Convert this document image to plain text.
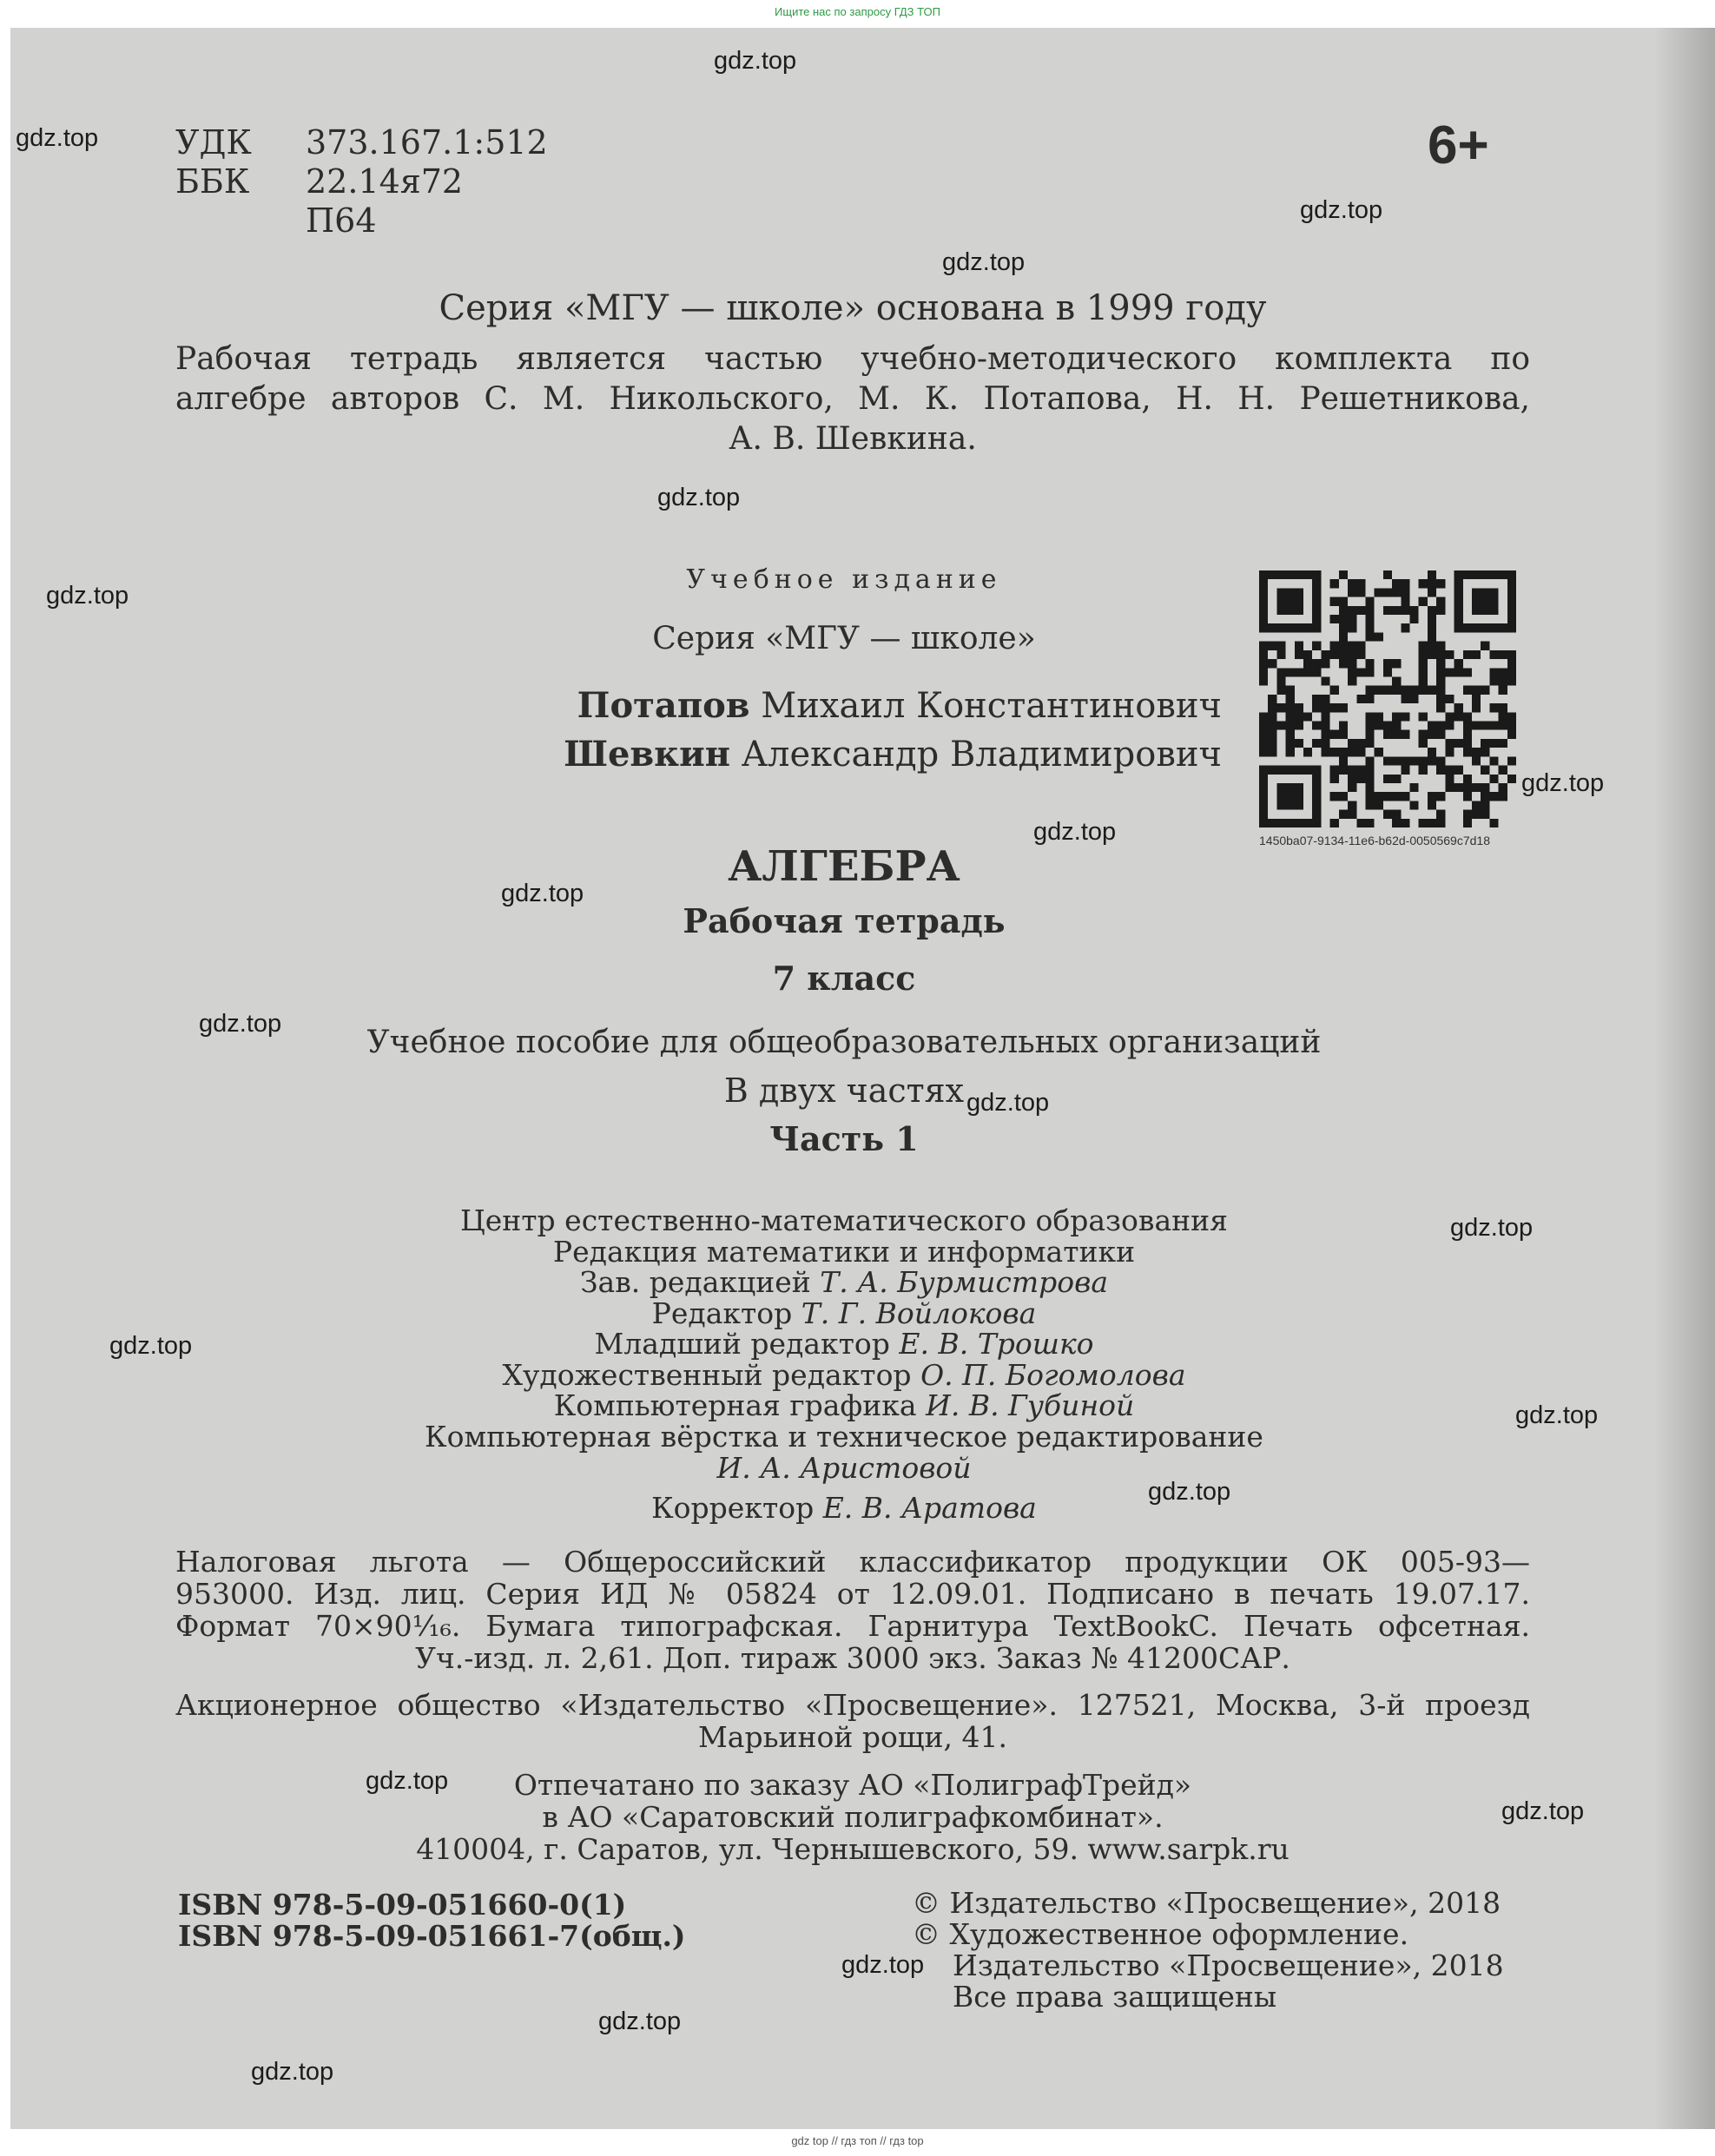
Ищите нас по запросу ГДЗ ТОП
УДК 373.167.1:512
ББК 22.14я72
П64
6+
Серия «МГУ — школе» основана в 1999 году
Рабочая тетрадь является частью учебно-методического комплекта по
алгебре авторов С. М. Никольского, М. К. Потапова, Н. Н. Решетникова,
А. В. Шевкина.
Учебное издание
Серия «МГУ — школе»
Потапов Михаил Константинович
Шевкин Александр Владимирович
1450ba07-9134-11e6-b62d-0050569c7d18
АЛГЕБРА
Рабочая тетрадь
7 класс
Учебное пособие для общеобразовательных организаций
В двух частях
Часть 1
Центр естественно-математического образования
Редакция математики и информатики
Зав. редакцией Т. А. Бурмистрова
Редактор Т. Г. Войлокова
Младший редактор Е. В. Трошко
Художественный редактор О. П. Богомолова
Компьютерная графика И. В. Губиной
Компьютерная вёрстка и техническое редактирование
И. А. Аристовой
Корректор Е. В. Аратова
Налоговая льгота — Общероссийский классификатор продукции ОК 005-93—
953000. Изд. лиц. Серия ИД № 05824 от 12.09.01. Подписано в печать 19.07.17.
Формат 70×90¹⁄₁₆. Бумага типографская. Гарнитура TextBookC. Печать офсетная.
Уч.-изд. л. 2,61. Доп. тираж 3000 экз. Заказ № 41200САР.
Акционерное общество «Издательство «Просвещение». 127521, Москва, 3-й проезд
Марьиной рощи, 41.
Отпечатано по заказу АО «ПолиграфТрейд»
в АО «Саратовский полиграфкомбинат».
410004, г. Саратов, ул. Чернышевского, 59. www.sarpk.ru
ISBN 978-5-09-051660-0(1)
ISBN 978-5-09-051661-7(общ.)
© Издательство «Просвещение», 2018
© Художественное оформление.
Издательство «Просвещение», 2018
Все права защищены
gdz.top
gdz.top
gdz.top
gdz.top
gdz.top
gdz.top
gdz.top
gdz.top
gdz.top
gdz.top
gdz.top
gdz.top
gdz.top
gdz.top
gdz.top
gdz.top
gdz.top
gdz.top
gdz.top
gdz.top
gdz top // гдз топ // гдз top
